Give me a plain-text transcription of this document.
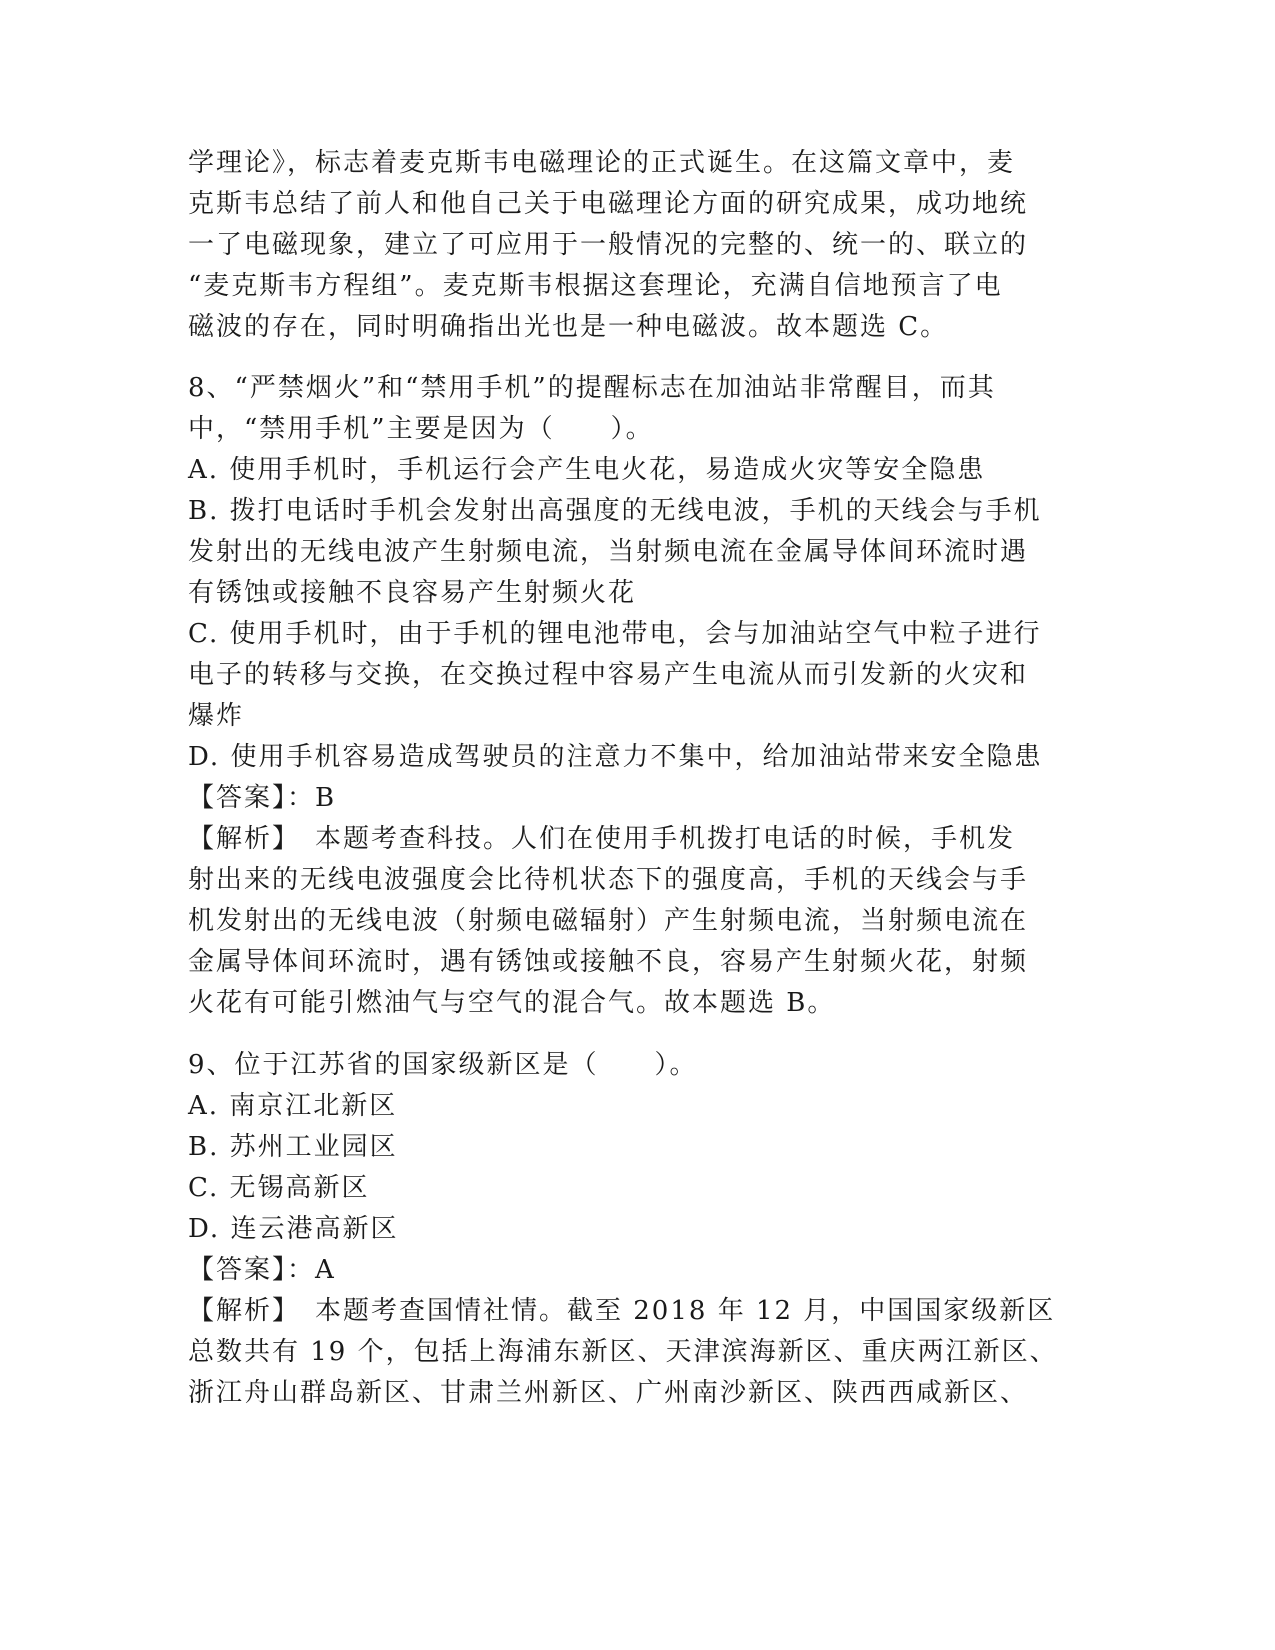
学理论》，标志着麦克斯韦电磁理论的正式诞生。在这篇文章中，麦
克斯韦总结了前人和他自己关于电磁理论方面的研究成果，成功地统
一了电磁现象，建立了可应用于一般情况的完整的、统一的、联立的
“麦克斯韦方程组”。麦克斯韦根据这套理论，充满自信地预言了电
磁波的存在，同时明确指出光也是一种电磁波。故本题选 C。
8、“严禁烟火”和“禁用手机”的提醒标志在加油站非常醒目，而其
中，“禁用手机”主要是因为（　　）。
A. 使用手机时，手机运行会产生电火花，易造成火灾等安全隐患
B. 拨打电话时手机会发射出高强度的无线电波，手机的天线会与手机
发射出的无线电波产生射频电流，当射频电流在金属导体间环流时遇
有锈蚀或接触不良容易产生射频火花
C. 使用手机时，由于手机的锂电池带电，会与加油站空气中粒子进行
电子的转移与交换，在交换过程中容易产生电流从而引发新的火灾和
爆炸
D. 使用手机容易造成驾驶员的注意力不集中，给加油站带来安全隐患
【答案】：B
【解析】　本题考查科技。人们在使用手机拨打电话的时候，手机发
射出来的无线电波强度会比待机状态下的强度高，手机的天线会与手
机发射出的无线电波（射频电磁辐射）产生射频电流，当射频电流在
金属导体间环流时，遇有锈蚀或接触不良，容易产生射频火花，射频
火花有可能引燃油气与空气的混合气。故本题选 B。
9、位于江苏省的国家级新区是（　　）。
A. 南京江北新区
B. 苏州工业园区
C. 无锡高新区
D. 连云港高新区
【答案】：A
【解析】　本题考查国情社情。截至 2018 年 12 月，中国国家级新区
总数共有 19 个，包括上海浦东新区、天津滨海新区、重庆两江新区、
浙江舟山群岛新区、甘肃兰州新区、广州南沙新区、陕西西咸新区、
